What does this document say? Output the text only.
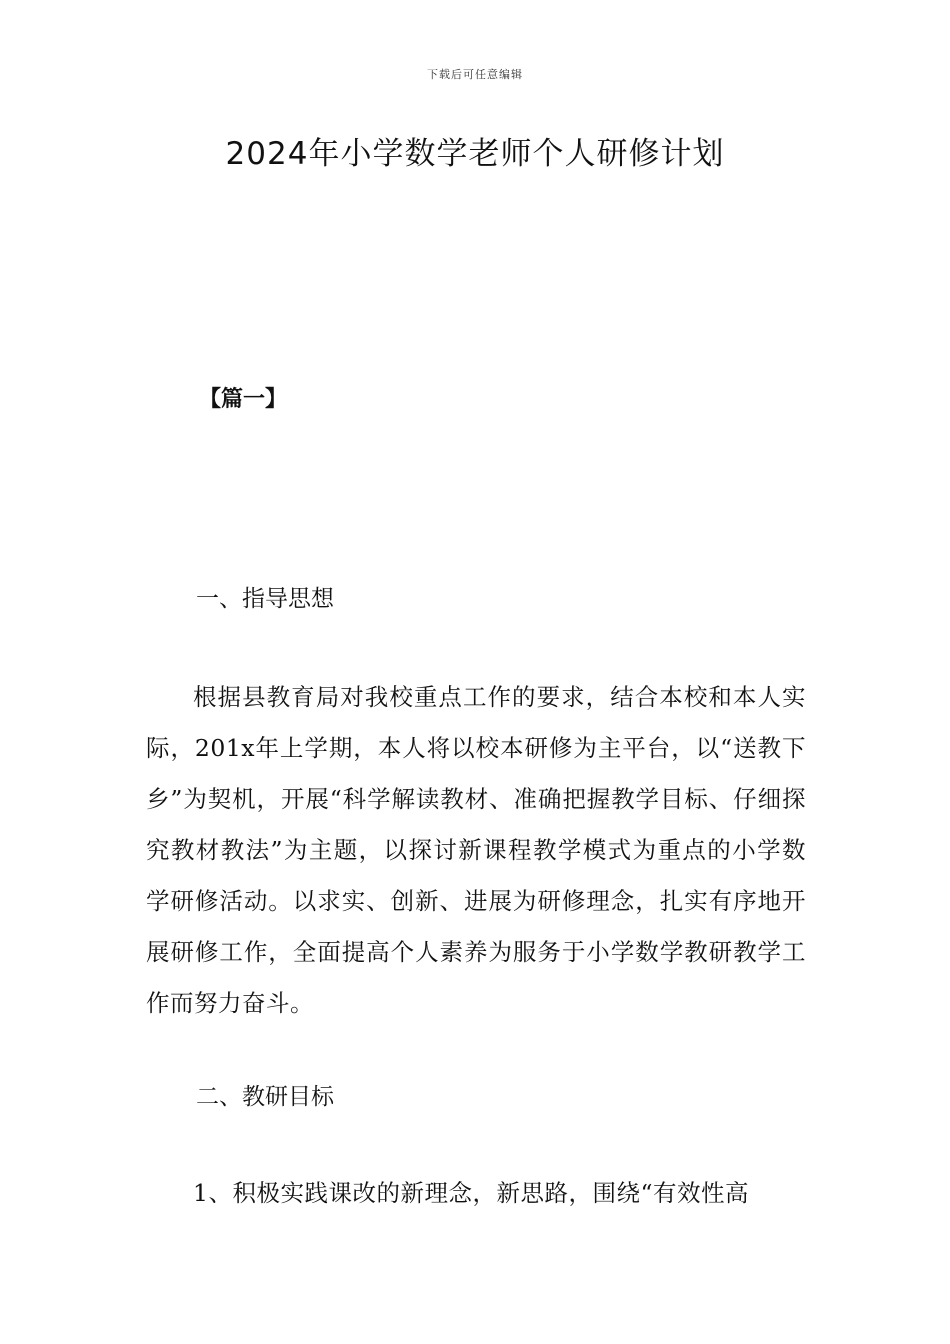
下载后可任意编辑
2024年小学数学老师个人研修计划
【篇一】
一、指导思想

根据县教育局对我校重点工作的要求，结合本校和本人实际，201x年上学期，本人将以校本研修为主平台，以“送教下乡”为契机，开展“科学解读教材、准确把握教学目标、仔细探究教材教法”为主题，以探讨新课程教学模式为重点的小学数学研修活动。以求实、创新、进展为研修理念，扎实有序地开展研修工作，全面提高个人素养为服务于小学数学教研教学工作而努力奋斗。

二、教研目标

1、积极实践课改的新理念，新思路，围绕“有效性高
